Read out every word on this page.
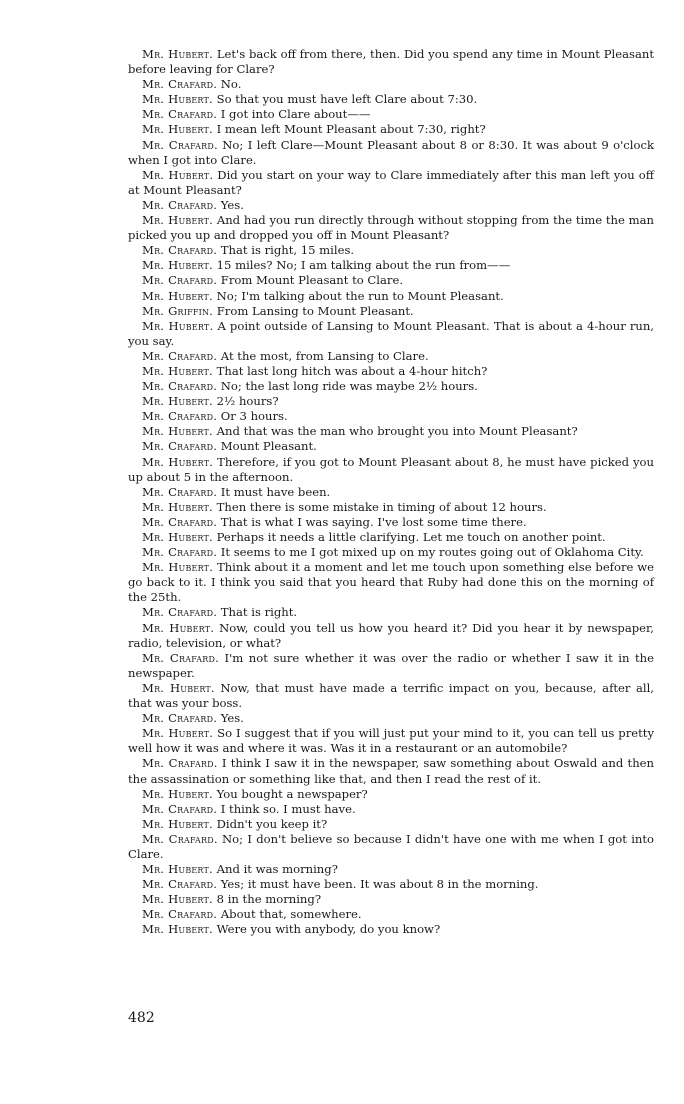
Mr. Hubert. Let's back off from there, then. Did you spend any time in Mount Pleasant before leaving for Clare?

Mr. Crafard. No.

Mr. Hubert. So that you must have left Clare about 7:30.

Mr. Crafard. I got into Clare about——

Mr. Hubert. I mean left Mount Pleasant about 7:30, right?

Mr. Crafard. No; I left Clare—Mount Pleasant about 8 or 8:30. It was about 9 o'clock when I got into Clare.

Mr. Hubert. Did you start on your way to Clare immediately after this man left you off at Mount Pleasant?

Mr. Crafard. Yes.

Mr. Hubert. And had you run directly through without stopping from the time the man picked you up and dropped you off in Mount Pleasant?

Mr. Crafard. That is right, 15 miles.

Mr. Hubert. 15 miles? No; I am talking about the run from——

Mr. Crafard. From Mount Pleasant to Clare.

Mr. Hubert. No; I'm talking about the run to Mount Pleasant.

Mr. Griffin. From Lansing to Mount Pleasant.

Mr. Hubert. A point outside of Lansing to Mount Pleasant. That is about a 4-hour run, you say.

Mr. Crafard. At the most, from Lansing to Clare.

Mr. Hubert. That last long hitch was about a 4-hour hitch?

Mr. Crafard. No; the last long ride was maybe 2½ hours.

Mr. Hubert. 2½ hours?

Mr. Crafard. Or 3 hours.

Mr. Hubert. And that was the man who brought you into Mount Pleasant?

Mr. Crafard. Mount Pleasant.

Mr. Hubert. Therefore, if you got to Mount Pleasant about 8, he must have picked you up about 5 in the afternoon.

Mr. Crafard. It must have been.

Mr. Hubert. Then there is some mistake in timing of about 12 hours.

Mr. Crafard. That is what I was saying. I've lost some time there.

Mr. Hubert. Perhaps it needs a little clarifying. Let me touch on another point.

Mr. Crafard. It seems to me I got mixed up on my routes going out of Oklahoma City.

Mr. Hubert. Think about it a moment and let me touch upon something else before we go back to it. I think you said that you heard that Ruby had done this on the morning of the 25th.

Mr. Crafard. That is right.

Mr. Hubert. Now, could you tell us how you heard it? Did you hear it by newspaper, radio, television, or what?

Mr. Crafard. I'm not sure whether it was over the radio or whether I saw it in the newspaper.

Mr. Hubert. Now, that must have made a terrific impact on you, because, after all, that was your boss.

Mr. Crafard. Yes.

Mr. Hubert. So I suggest that if you will just put your mind to it, you can tell us pretty well how it was and where it was. Was it in a restaurant or an automobile?

Mr. Crafard. I think I saw it in the newspaper, saw something about Oswald and then the assassination or something like that, and then I read the rest of it.

Mr. Hubert. You bought a newspaper?

Mr. Crafard. I think so. I must have.

Mr. Hubert. Didn't you keep it?

Mr. Crafard. No; I don't believe so because I didn't have one with me when I got into Clare.

Mr. Hubert. And it was morning?

Mr. Crafard. Yes; it must have been. It was about 8 in the morning.

Mr. Hubert. 8 in the morning?

Mr. Crafard. About that, somewhere.

Mr. Hubert. Were you with anybody, do you know?

482
